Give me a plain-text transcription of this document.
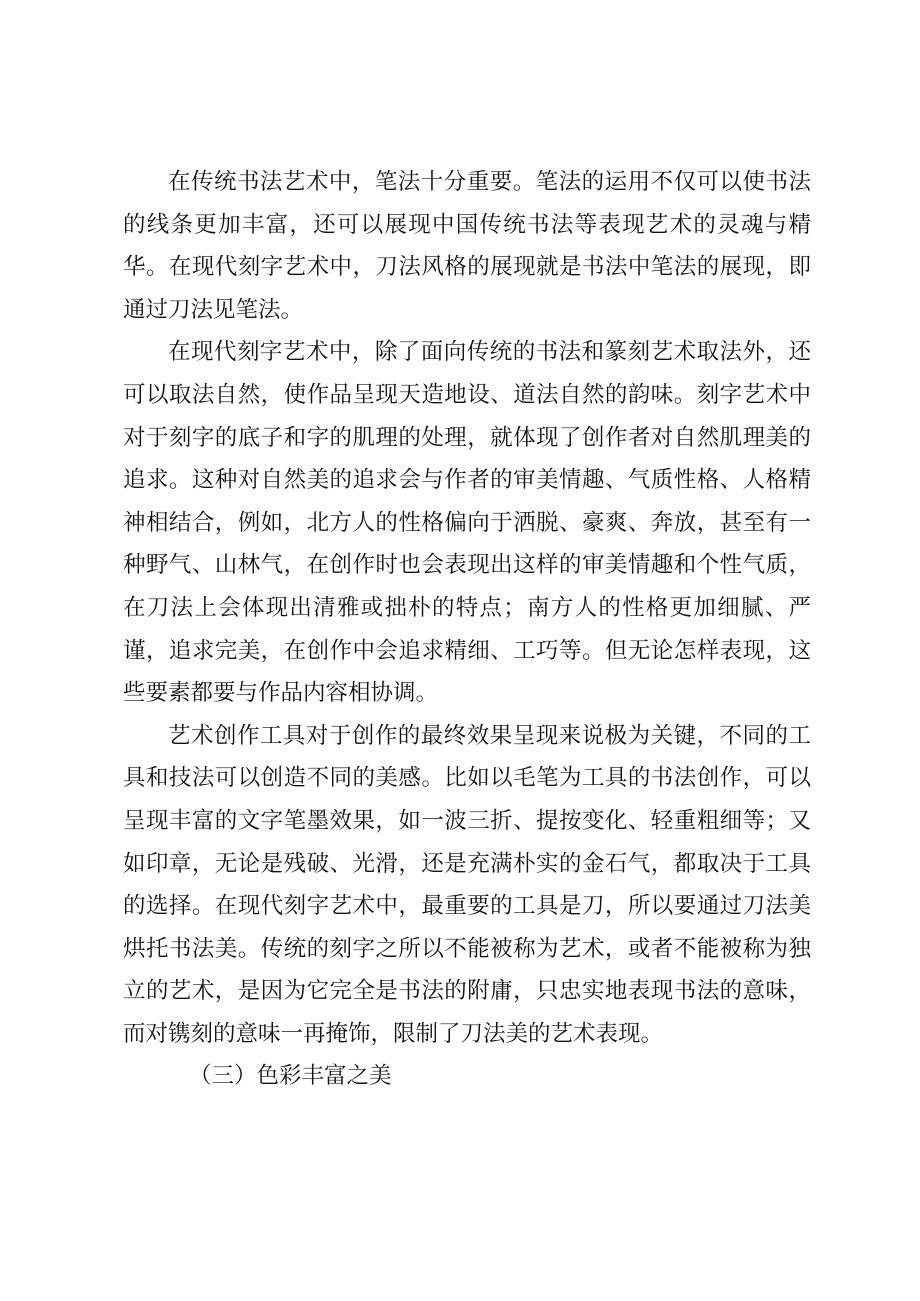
在传统书法艺术中，笔法十分重要。笔法的运用不仅可以使书法的线条更加丰富，还可以展现中国传统书法等表现艺术的灵魂与精华。在现代刻字艺术中，刀法风格的展现就是书法中笔法的展现，即通过刀法见笔法。

在现代刻字艺术中，除了面向传统的书法和篆刻艺术取法外，还可以取法自然，使作品呈现天造地设、道法自然的韵味。刻字艺术中对于刻字的底子和字的肌理的处理，就体现了创作者对自然肌理美的追求。这种对自然美的追求会与作者的审美情趣、气质性格、人格精神相结合，例如，北方人的性格偏向于洒脱、豪爽、奔放，甚至有一种野气、山林气，在创作时也会表现出这样的审美情趣和个性气质，在刀法上会体现出清雅或拙朴的特点；南方人的性格更加细腻、严谨，追求完美，在创作中会追求精细、工巧等。但无论怎样表现，这些要素都要与作品内容相协调。

艺术创作工具对于创作的最终效果呈现来说极为关键，不同的工具和技法可以创造不同的美感。比如以毛笔为工具的书法创作，可以呈现丰富的文字笔墨效果，如一波三折、提按变化、轻重粗细等；又如印章，无论是残破、光滑，还是充满朴实的金石气，都取决于工具的选择。在现代刻字艺术中，最重要的工具是刀，所以要通过刀法美烘托书法美。传统的刻字之所以不能被称为艺术，或者不能被称为独立的艺术，是因为它完全是书法的附庸，只忠实地表现书法的意味，而对镌刻的意味一再掩饰，限制了刀法美的艺术表现。

（三）色彩丰富之美
